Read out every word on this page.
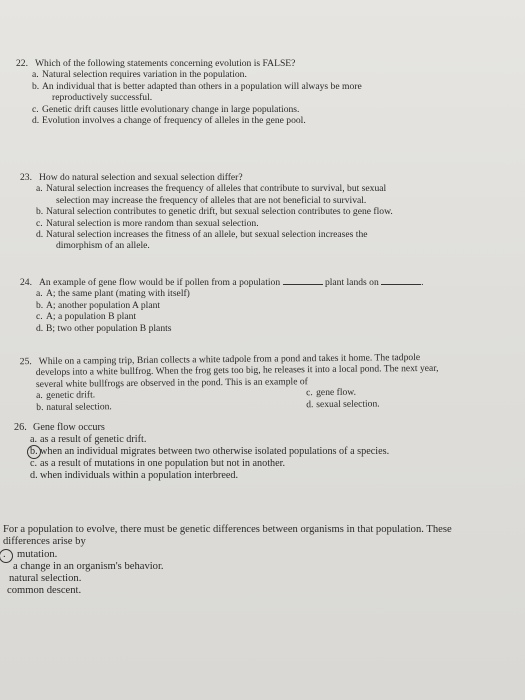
22. Which of the following statements concerning evolution is FALSE?
a. Natural selection requires variation in the population.
b. An individual that is better adapted than others in a population will always be more
reproductively successful.
c. Genetic drift causes little evolutionary change in large populations.
d. Evolution involves a change of frequency of alleles in the gene pool.
23. How do natural selection and sexual selection differ?
a. Natural selection increases the frequency of alleles that contribute to survival, but sexual
selection may increase the frequency of alleles that are not beneficial to survival.
b. Natural selection contributes to genetic drift, but sexual selection contributes to gene flow.
c. Natural selection is more random than sexual selection.
d. Natural selection increases the fitness of an allele, but sexual selection increases the
dimorphism of an allele.
24. An example of gene flow would be if pollen from a population	plant lands on	.
a. A; the same plant (mating with itself)
b. A; another population A plant
c. A; a population B plant
d. B; two other population B plants
25. While on a camping trip, Brian collects a white tadpole from a pond and takes it home. The tadpole
develops into a white bullfrog. When the frog gets too big, he releases it into a local pond. The next year,
several white bullfrogs are observed in the pond. This is an example of
a. genetic drift.	c. gene flow.
b. natural selection.	d. sexual selection.
26. Gene flow occurs
a. as a result of genetic drift.
b. when an individual migrates between two otherwise isolated populations of a species.
c. as a result of mutations in one population but not in another.
d. when individuals within a population interbreed.
For a population to evolve, there must be genetic differences between organisms in that population. These
differences arise by
. mutation.
a change in an organism's behavior.
natural selection.
common descent.
